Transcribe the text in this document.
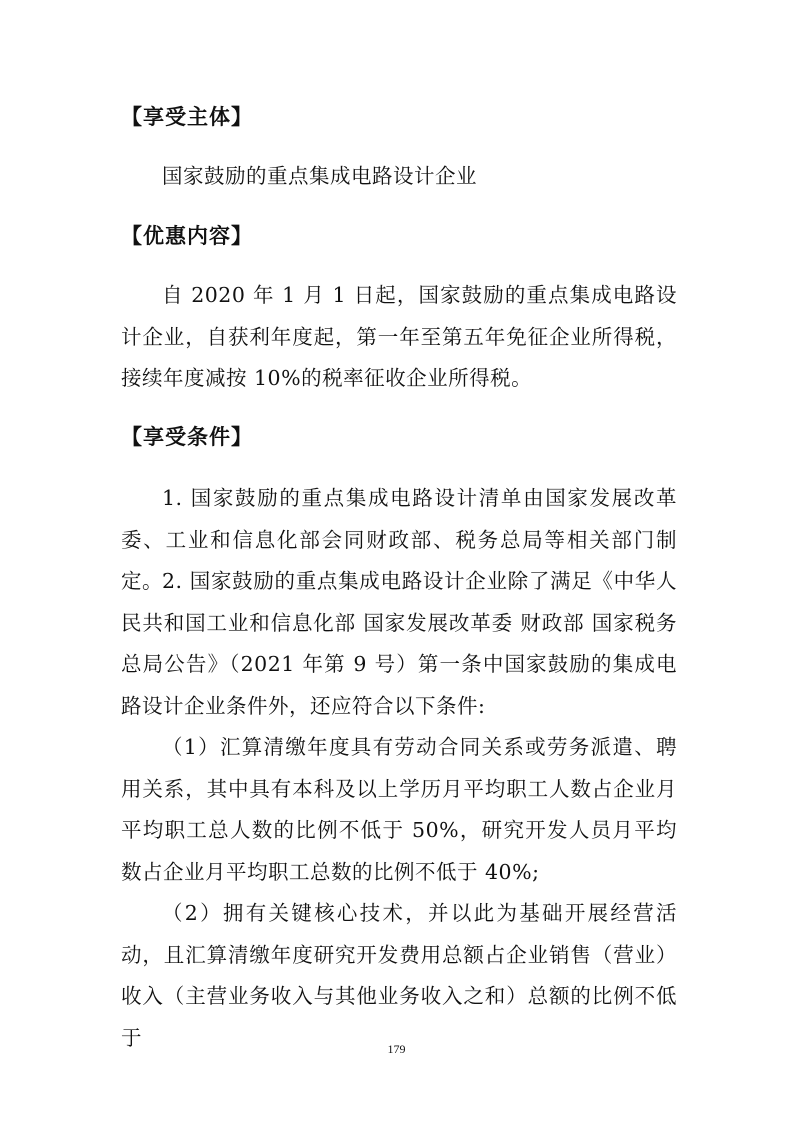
【享受主体】

国家鼓励的重点集成电路设计企业

【优惠内容】

自 2020 年 1 月 1 日起，国家鼓励的重点集成电路设计企业，自获利年度起，第一年至第五年免征企业所得税，接续年度减按 10%的税率征收企业所得税。

【享受条件】

1. 国家鼓励的重点集成电路设计清单由国家发展改革委、工业和信息化部会同财政部、税务总局等相关部门制定。 2. 国家鼓励的重点集成电路设计企业除了满足《中华人民共和国工业和信息化部 国家发展改革委 财政部 国家税务总局公告》（2021 年第 9 号）第一条中国家鼓励的集成电路设计企业条件外，还应符合以下条件:

（1）汇算清缴年度具有劳动合同关系或劳务派遣、聘用关系，其中具有本科及以上学历月平均职工人数占企业月平均职工总人数的比例不低于 50%，研究开发人员月平均数占企业月平均职工总数的比例不低于 40%;

（2）拥有关键核心技术，并以此为基础开展经营活动，且汇算清缴年度研究开发费用总额占企业销售（营业）收入（主营业务收入与其他业务收入之和）总额的比例不低于	179
